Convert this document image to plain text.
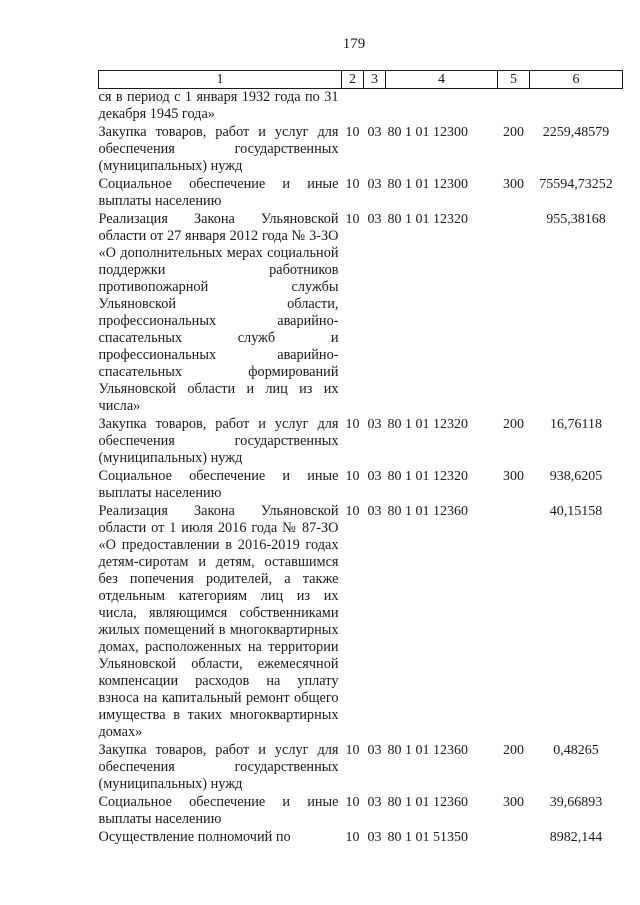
179
1	2	3	4	5	6
ся в период с 1 января 1932 года по 31 декабря 1945 года»					
Закупка товаров, работ и услуг для обеспечения государственных (муниципальных) нужд	10	03	80 1 01 12300	200	2259,48579
Социальное обеспечение и иные выплаты населению	10	03	80 1 01 12300	300	75594,73252
Реализация Закона Ульяновской области от 27 января 2012 года № 3-ЗО «О дополнительных мерах социальной поддержки работников противопожарной службы Ульяновской области, профессиональных аварийно-спасательных служб и профессиональных аварийно-спасательных формирований Ульяновской области и лиц из их числа»	10	03	80 1 01 12320		955,38168
Закупка товаров, работ и услуг для обеспечения государственных (муниципальных) нужд	10	03	80 1 01 12320	200	16,76118
Социальное обеспечение и иные выплаты населению	10	03	80 1 01 12320	300	938,6205
Реализация Закона Ульяновской области от 1 июля 2016 года № 87-ЗО «О предоставлении в 2016-2019 годах детям-сиротам и детям, оставшимся без попечения родителей, а также отдельным категориям лиц из их числа, являющимся собственниками жилых помещений в многоквартирных домах, расположенных на территории Ульяновской области, ежемесячной компенсации расходов на уплату взноса на капитальный ремонт общего имущества в таких многоквартирных домах»	10	03	80 1 01 12360		40,15158
Закупка товаров, работ и услуг для обеспечения государственных (муниципальных) нужд	10	03	80 1 01 12360	200	0,48265
Социальное обеспечение и иные выплаты населению	10	03	80 1 01 12360	300	39,66893
Осуществление полномочий по	10	03	80 1 01 51350		8982,144
